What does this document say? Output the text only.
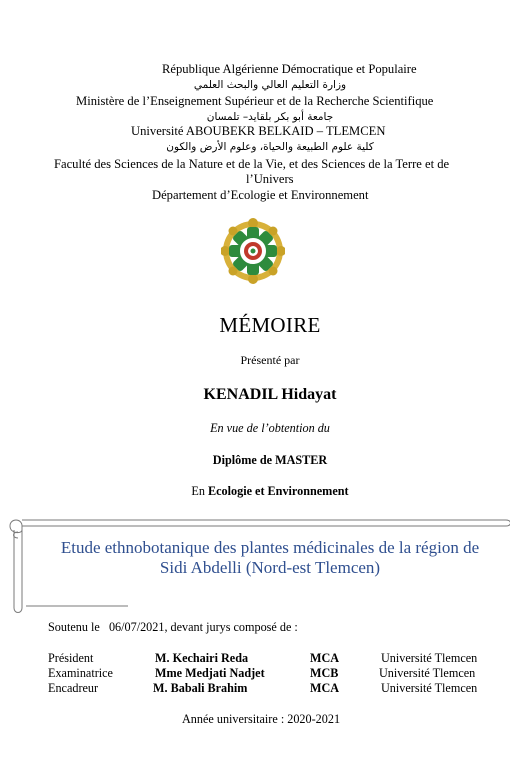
République Algérienne Démocratique et Populaire
وزارة التعليم العالي والبحث العلمي
Ministère de l’Enseignement Supérieur et de la Recherche Scientifique
جامعة أبو بكر بلقايد– تلمسان
Université ABOUBEKR BELKAID – TLEMCEN
كلية علوم الطبيعة والحياة، وعلوم الأرض والكون
Faculté des Sciences de la Nature et de la Vie, et des Sciences de la Terre et de
l’Univers
Département d’Ecologie et Environnement
MÉMOIRE
Présenté par
KENADIL Hidayat
En vue de l’obtention du
Diplôme de MASTER
En Ecologie et Environnement
Etude ethnobotanique des plantes médicinales de la région de
Sidi Abdelli (Nord-est Tlemcen)
Soutenu le 06/07/2021, devant jurys composé de :
Président	M. Kechairi Reda	MCA	Université Tlemcen
Examinatrice	Mme Medjati Nadjet	MCB	Université Tlemcen
Encadreur	M. Babali Brahim	MCA	Université Tlemcen
Année universitaire : 2020-2021
